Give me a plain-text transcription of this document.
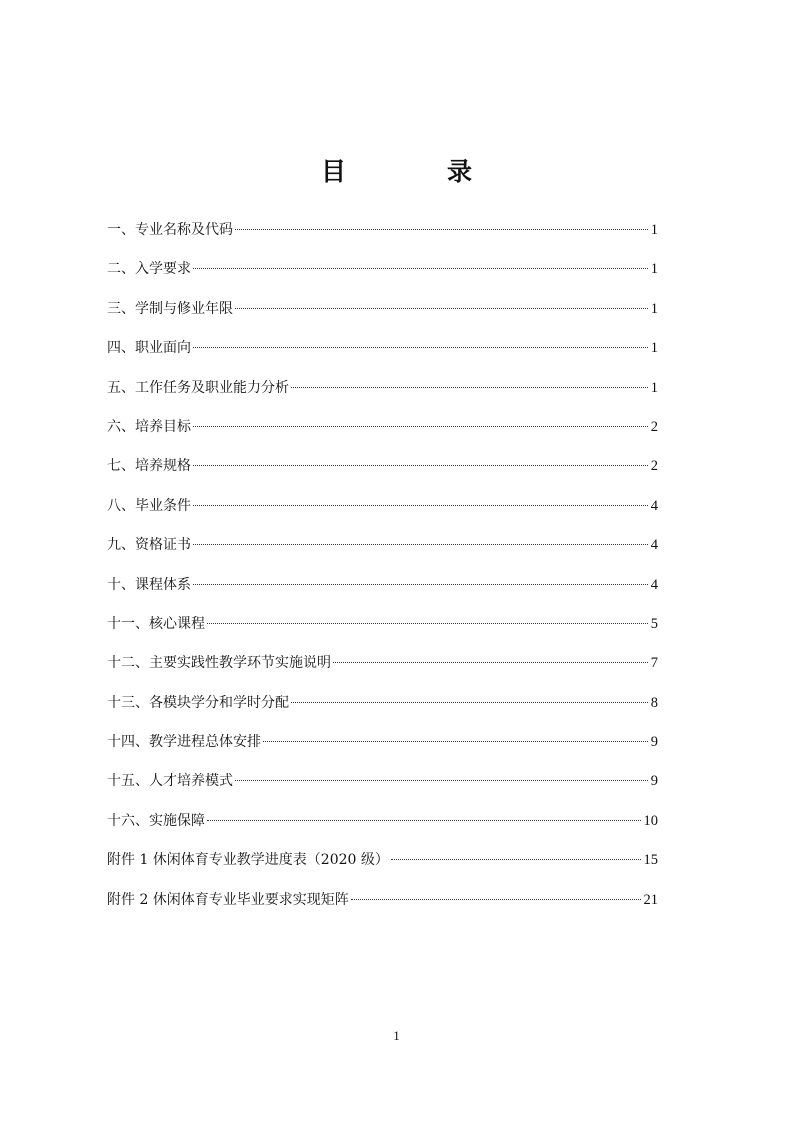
目　录
一、专业名称及代码	1
二、入学要求	1
三、学制与修业年限	1
四、职业面向	1
五、工作任务及职业能力分析	1
六、培养目标	2
七、培养规格	2
八、毕业条件	4
九、资格证书	4
十、课程体系	4
十一、核心课程	5
十二、主要实践性教学环节实施说明	7
十三、各模块学分和学时分配	8
十四、教学进程总体安排	9
十五、人才培养模式	9
十六、实施保障	10
附件 1 休闲体育专业教学进度表（2020 级）	15
附件 2 休闲体育专业毕业要求实现矩阵	21
1
